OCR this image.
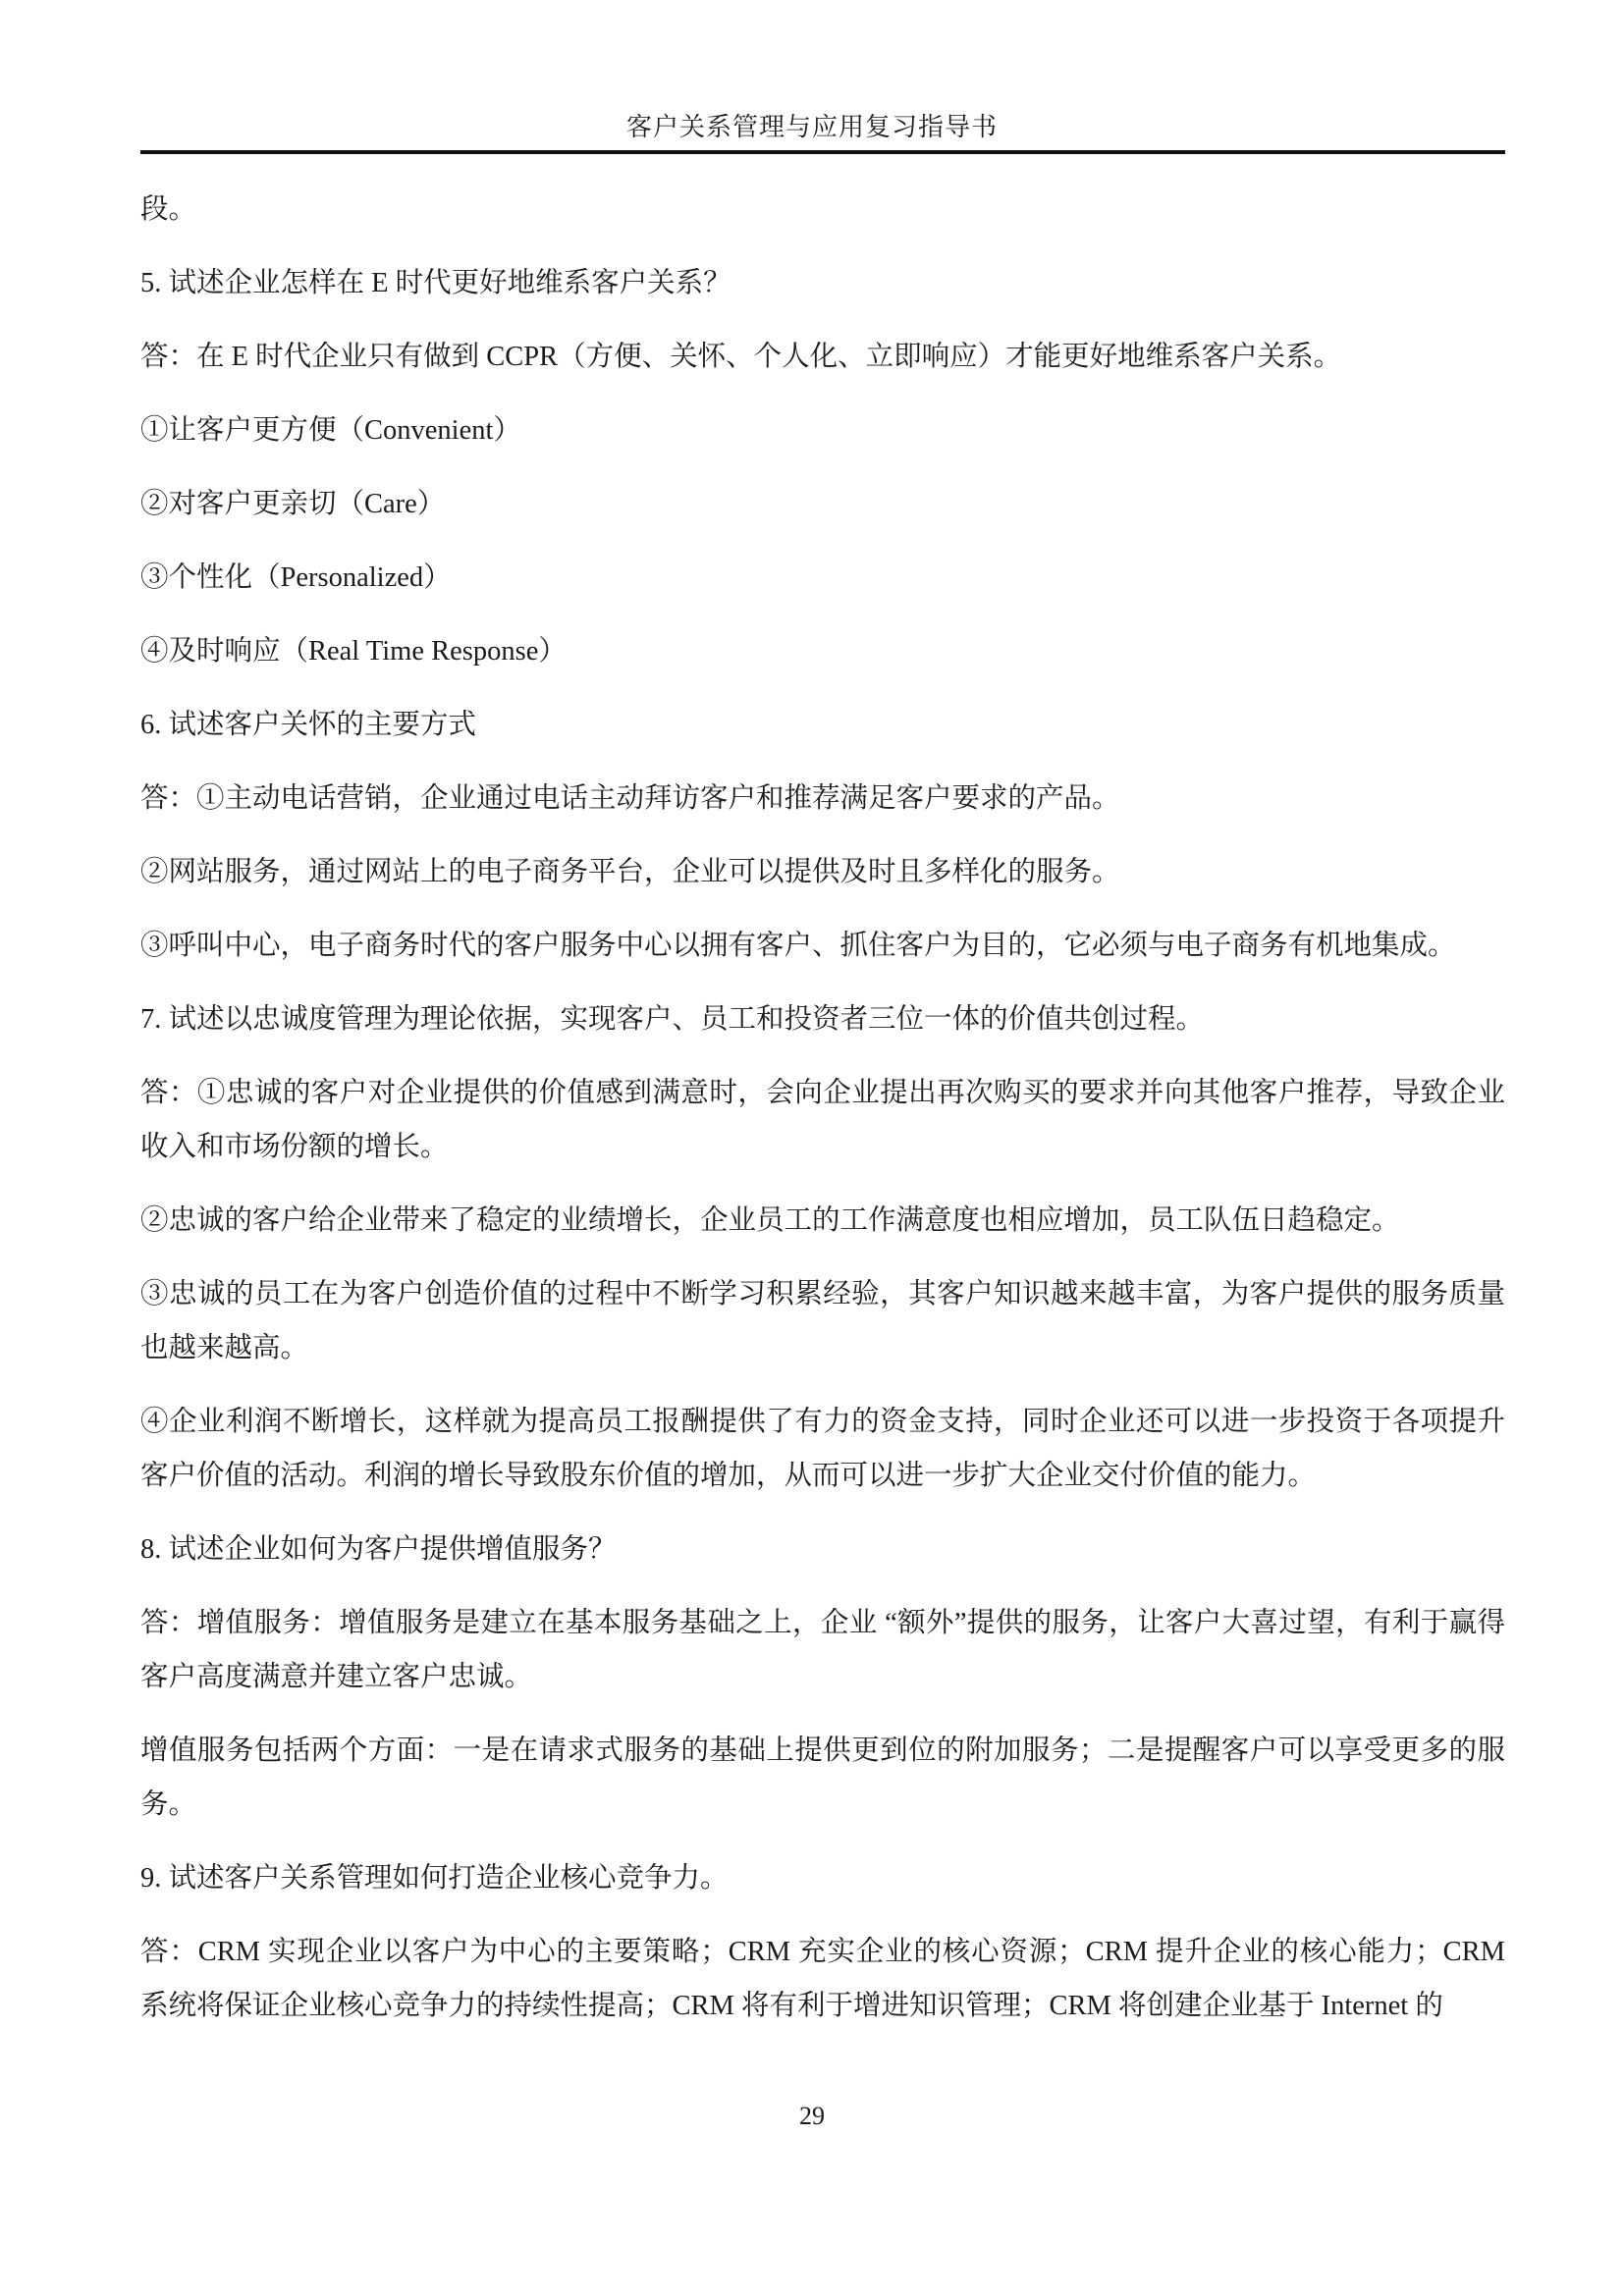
客户关系管理与应用复习指导书

段。

5. 试述企业怎样在 E 时代更好地维系客户关系？

答：在 E 时代企业只有做到 CCPR（方便、关怀、个人化、立即响应）才能更好地维系客户关系。

①让客户更方便（Convenient）

②对客户更亲切（Care）

③个性化（Personalized）

④及时响应（Real Time Response）

6. 试述客户关怀的主要方式

答：①主动电话营销，企业通过电话主动拜访客户和推荐满足客户要求的产品。

②网站服务，通过网站上的电子商务平台，企业可以提供及时且多样化的服务。

③呼叫中心，电子商务时代的客户服务中心以拥有客户、抓住客户为目的，它必须与电子商务有机地集成。

7. 试述以忠诚度管理为理论依据，实现客户、员工和投资者三位一体的价值共创过程。

答：①忠诚的客户对企业提供的价值感到满意时，会向企业提出再次购买的要求并向其他客户推荐，导致企业收入和市场份额的增长。

②忠诚的客户给企业带来了稳定的业绩增长，企业员工的工作满意度也相应增加，员工队伍日趋稳定。

③忠诚的员工在为客户创造价值的过程中不断学习积累经验，其客户知识越来越丰富，为客户提供的服务质量也越来越高。

④企业利润不断增长，这样就为提高员工报酬提供了有力的资金支持，同时企业还可以进一步投资于各项提升客户价值的活动。利润的增长导致股东价值的增加，从而可以进一步扩大企业交付价值的能力。

8. 试述企业如何为客户提供增值服务？

答：增值服务：增值服务是建立在基本服务基础之上，企业 “额外”提供的服务，让客户大喜过望，有利于赢得客户高度满意并建立客户忠诚。

增值服务包括两个方面：一是在请求式服务的基础上提供更到位的附加服务；二是提醒客户可以享受更多的服务。

9. 试述客户关系管理如何打造企业核心竞争力。

答：CRM 实现企业以客户为中心的主要策略；CRM 充实企业的核心资源；CRM 提升企业的核心能力；CRM 系统将保证企业核心竞争力的持续性提高；CRM 将有利于增进知识管理；CRM 将创建企业基于 Internet 的

29
